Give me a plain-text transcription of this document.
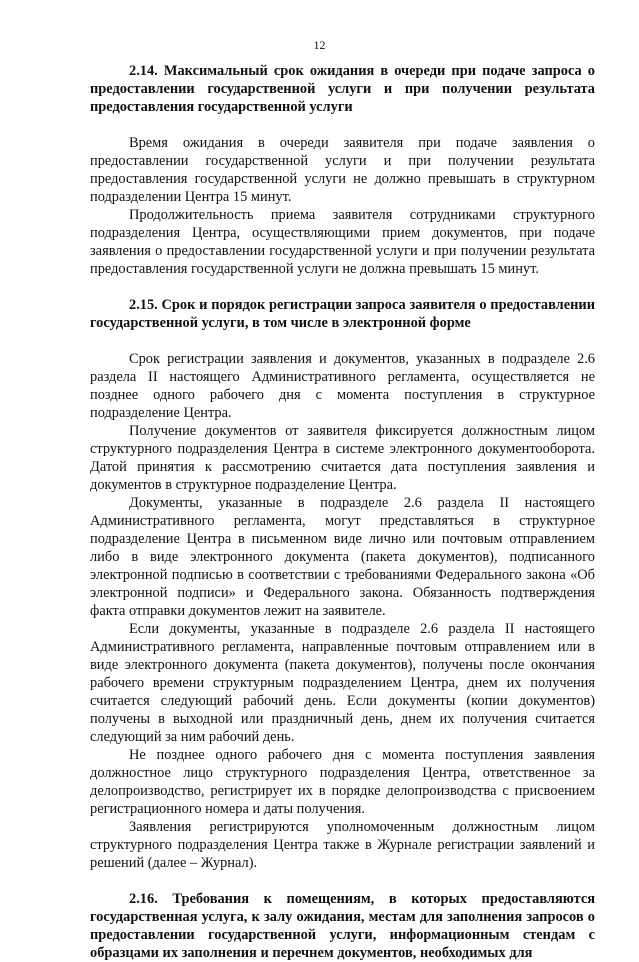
12

2.14. Максимальный срок ожидания в очереди при подаче запроса о предоставлении государственной услуги и при получении результата предоставления государственной услуги

Время ожидания в очереди заявителя при подаче заявления о предоставлении государственной услуги и при получении результата предоставления государственной услуги не должно превышать в структурном подразделении Центра 15 минут.

Продолжительность приема заявителя сотрудниками структурного подразделения Центра, осуществляющими прием документов, при подаче заявления о предоставлении государственной услуги и при получении результата предоставления государственной услуги не должна превышать 15 минут.

2.15. Срок и порядок регистрации запроса заявителя о предоставлении государственной услуги, в том числе в электронной форме

Срок регистрации заявления и документов, указанных в подразделе 2.6 раздела II настоящего Административного регламента, осуществляется не позднее одного рабочего дня с момента поступления в структурное подразделение Центра.

Получение документов от заявителя фиксируется должностным лицом структурного подразделения Центра в системе электронного документооборота. Датой принятия к рассмотрению считается дата поступления заявления и документов в структурное подразделение Центра.

Документы, указанные в подразделе 2.6 раздела II настоящего Административного регламента, могут представляться в структурное подразделение Центра в письменном виде лично или почтовым отправлением либо в виде электронного документа (пакета документов), подписанного электронной подписью в соответствии с требованиями Федерального закона «Об электронной подписи» и Федерального закона. Обязанность подтверждения факта отправки документов лежит на заявителе.

Если документы, указанные в подразделе 2.6 раздела II настоящего Административного регламента, направленные почтовым отправлением или в виде электронного документа (пакета документов), получены после окончания рабочего времени структурным подразделением Центра, днем их получения считается следующий рабочий день. Если документы (копии документов) получены в выходной или праздничный день, днем их получения считается следующий за ним рабочий день.

Не позднее одного рабочего дня с момента поступления заявления должностное лицо структурного подразделения Центра, ответственное за делопроизводство, регистрирует их в порядке делопроизводства с присвоением регистрационного номера и даты получения.

Заявления регистрируются уполномоченным должностным лицом структурного подразделения Центра также в Журнале регистрации заявлений и решений (далее – Журнал).

2.16. Требования к помещениям, в которых предоставляются государственная услуга, к залу ожидания, местам для заполнения запросов о предоставлении государственной услуги, информационным стендам с образцами их заполнения и перечнем документов, необходимых для
